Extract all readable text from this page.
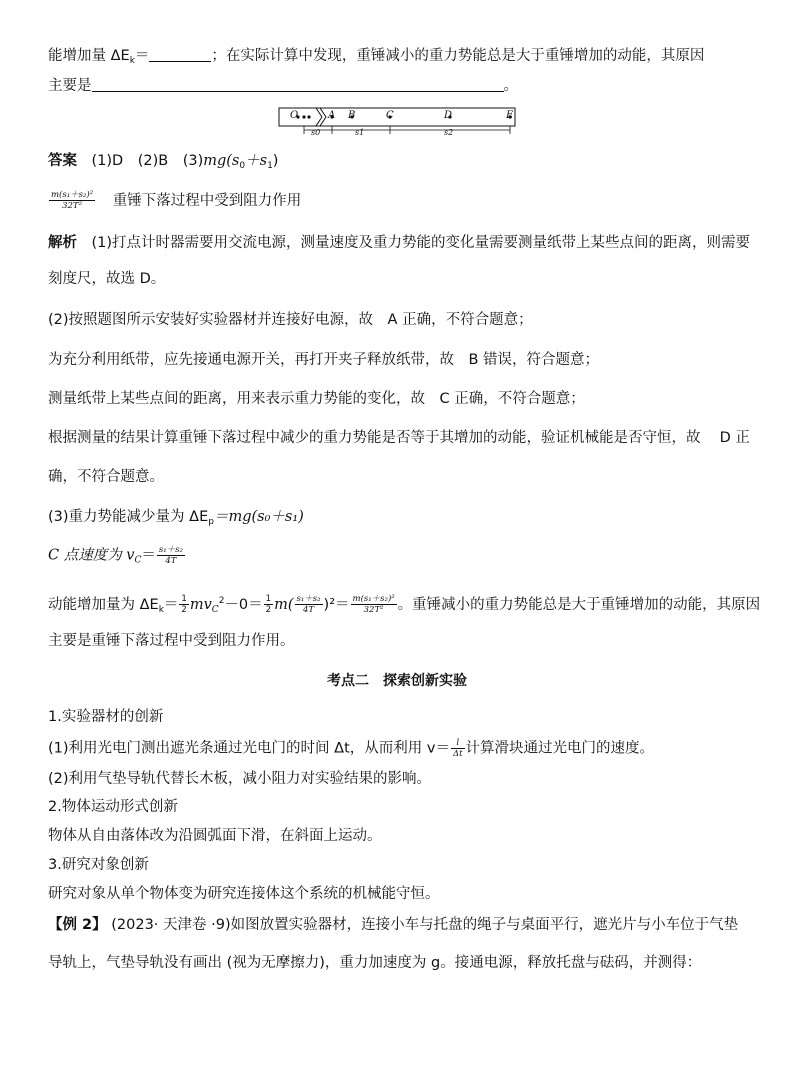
能增加量 $\Delta E_k=$	；在实际计算中发现，重锤减小的重力势能总是大于重锤增加的动能，其原因
主要是	。
O	A B	C	D	E
s0	s1	s2
答案　 (1)D　(2)B　$(3)mg(s_0+s_1)$
$\frac{\text{m(s₁＋s₂)²}}{\text{32T²}}$ 重锤下落过程中受到阻力作用
解析　 (1)打点计时器需要用交流电源，测量速度及重力势能的变化量需要测量纸带上某些点间的距离，则需要
刻度尺，故选 D。
(2)按照题图所示安装好实验器材并连接好电源，故　A 正确，不符合题意；
为充分利用纸带，应先接通电源开关，再打开夹子释放纸带，故　B 错误，符合题意；
测量纸带上某些点间的距离，用来表示重力势能的变化，故　C 正确，不符合题意；
根据测量的结果计算重锤下落过程中减少的重力势能是否等于其增加的动能，验证机械能是否守恒，故　 D 正
确，不符合题意。
(3)重力势能减少量为 $\Delta E_p=mg(s_0+s_1)$
C 点速度为 $v_C= \frac{\text{s₁＋s₂}}{4T}$
动能增加量为 $\Delta E_k= \frac{1}{2} mv_C^2-0= \frac{1}{2} m( \frac{\text{s₁＋s₂}}{4T} )^2= \frac{\text{m(s₁＋s₂)²}}{\text{32T²}}$ 。重锤减小的重力势能总是大于重锤增加的动能，其原因
主要是重锤下落过程中受到阻力作用。
考点二　探索创新实验
1.实验器材的创新
(1)利用光电门测出遮光条通过光电门的时间 Δt，从而利用 $v= \frac{l}{\Delta t}$ 计算滑块通过光电门的速度。
(2)利用气垫导轨代替长木板，减小阻力对实验结果的影响。
2.物体运动形式创新
物体从自由落体改为沿圆弧面下滑，在斜面上运动。
3.研究对象创新
研究对象从单个物体变为研究连接体这个系统的机械能守恒。
【例 2】 (2023· 天津卷 ·9)如图放置实验器材，连接小车与托盘的绳子与桌面平行，遮光片与小车位于气垫
导轨上，气垫导轨没有画出 (视为无摩擦力)，重力加速度为 g。接通电源，释放托盘与砝码，并测得：
